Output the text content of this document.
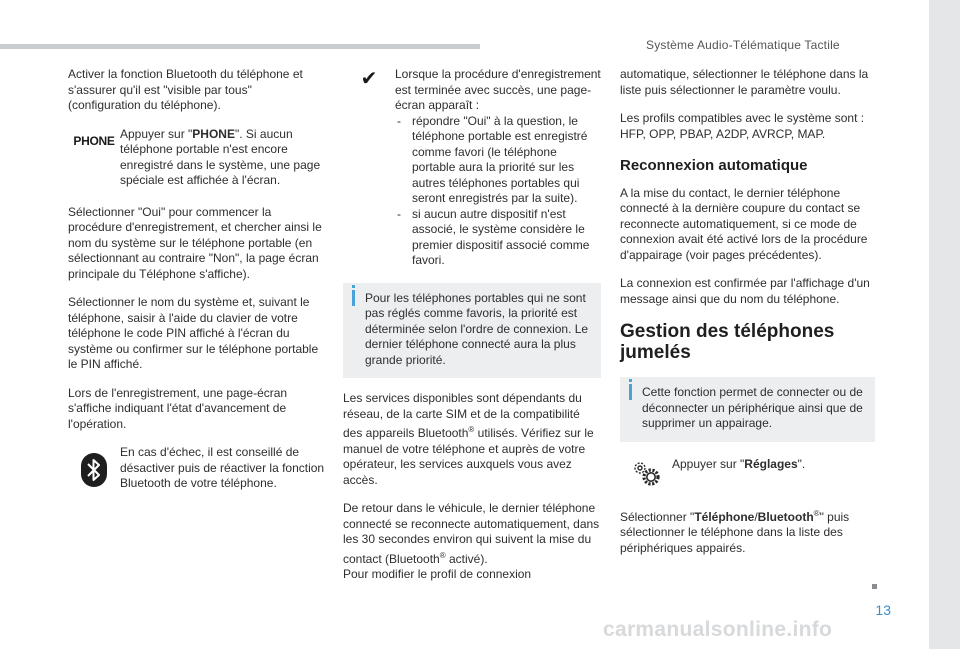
Système Audio-Télématique Tactile

Activer la fonction Bluetooth du téléphone et s'assurer qu'il est "visible par tous" (configuration du téléphone).

PHONE Appuyer sur "PHONE". Si aucun téléphone portable n'est encore enregistré dans le système, une page spéciale est affichée à l'écran.

Sélectionner "Oui" pour commencer la procédure d'enregistrement, et chercher ainsi le nom du système sur le téléphone portable (en sélectionnant au contraire "Non", la page écran principale du Téléphone s'affiche).

Sélectionner le nom du système et, suivant le téléphone, saisir à l'aide du clavier de votre téléphone le code PIN affiché à l'écran du système ou confirmer sur le téléphone portable le PIN affiché.

Lors de l'enregistrement, une page-écran s'affiche indiquant l'état d'avancement de l'opération.

En cas d'échec, il est conseillé de désactiver puis de réactiver la fonction Bluetooth de votre téléphone.
✔ Lorsque la procédure d'enregistrement est terminée avec succès, une page-écran apparaît :
- répondre "Oui" à la question, le téléphone portable est enregistré comme favori (le téléphone portable aura la priorité sur les autres téléphones portables qui seront enregistrés par la suite).
- si aucun autre dispositif n'est associé, le système considère le premier dispositif associé comme favori.
Pour les téléphones portables qui ne sont pas réglés comme favoris, la priorité est déterminée selon l'ordre de connexion. Le dernier téléphone connecté aura la plus grande priorité.

Les services disponibles sont dépendants du réseau, de la carte SIM et de la compatibilité des appareils Bluetooth® utilisés. Vérifiez sur le manuel de votre téléphone et auprès de votre opérateur, les services auxquels vous avez accès.

De retour dans le véhicule, le dernier téléphone connecté se reconnecte automatiquement, dans les 30 secondes environ qui suivent la mise du contact (Bluetooth® activé).
Pour modifier le profil de connexion

automatique, sélectionner le téléphone dans la liste puis sélectionner le paramètre voulu.

Les profils compatibles avec le système sont : HFP, OPP, PBAP, A2DP, AVRCP, MAP.

Reconnexion automatique

A la mise du contact, le dernier téléphone connecté à la dernière coupure du contact se reconnecte automatiquement, si ce mode de connexion avait été activé lors de la procédure d'appairage (voir pages précédentes).

La connexion est confirmée par l'affichage d'un message ainsi que du nom du téléphone.

Gestion des téléphones jumelés
Cette fonction permet de connecter ou de déconnecter un périphérique ainsi que de supprimer un appairage.
Appuyer sur "Réglages".

Sélectionner "Téléphone/Bluetooth®" puis sélectionner le téléphone dans la liste des périphériques appairés.

13
carmanualsonline.info
